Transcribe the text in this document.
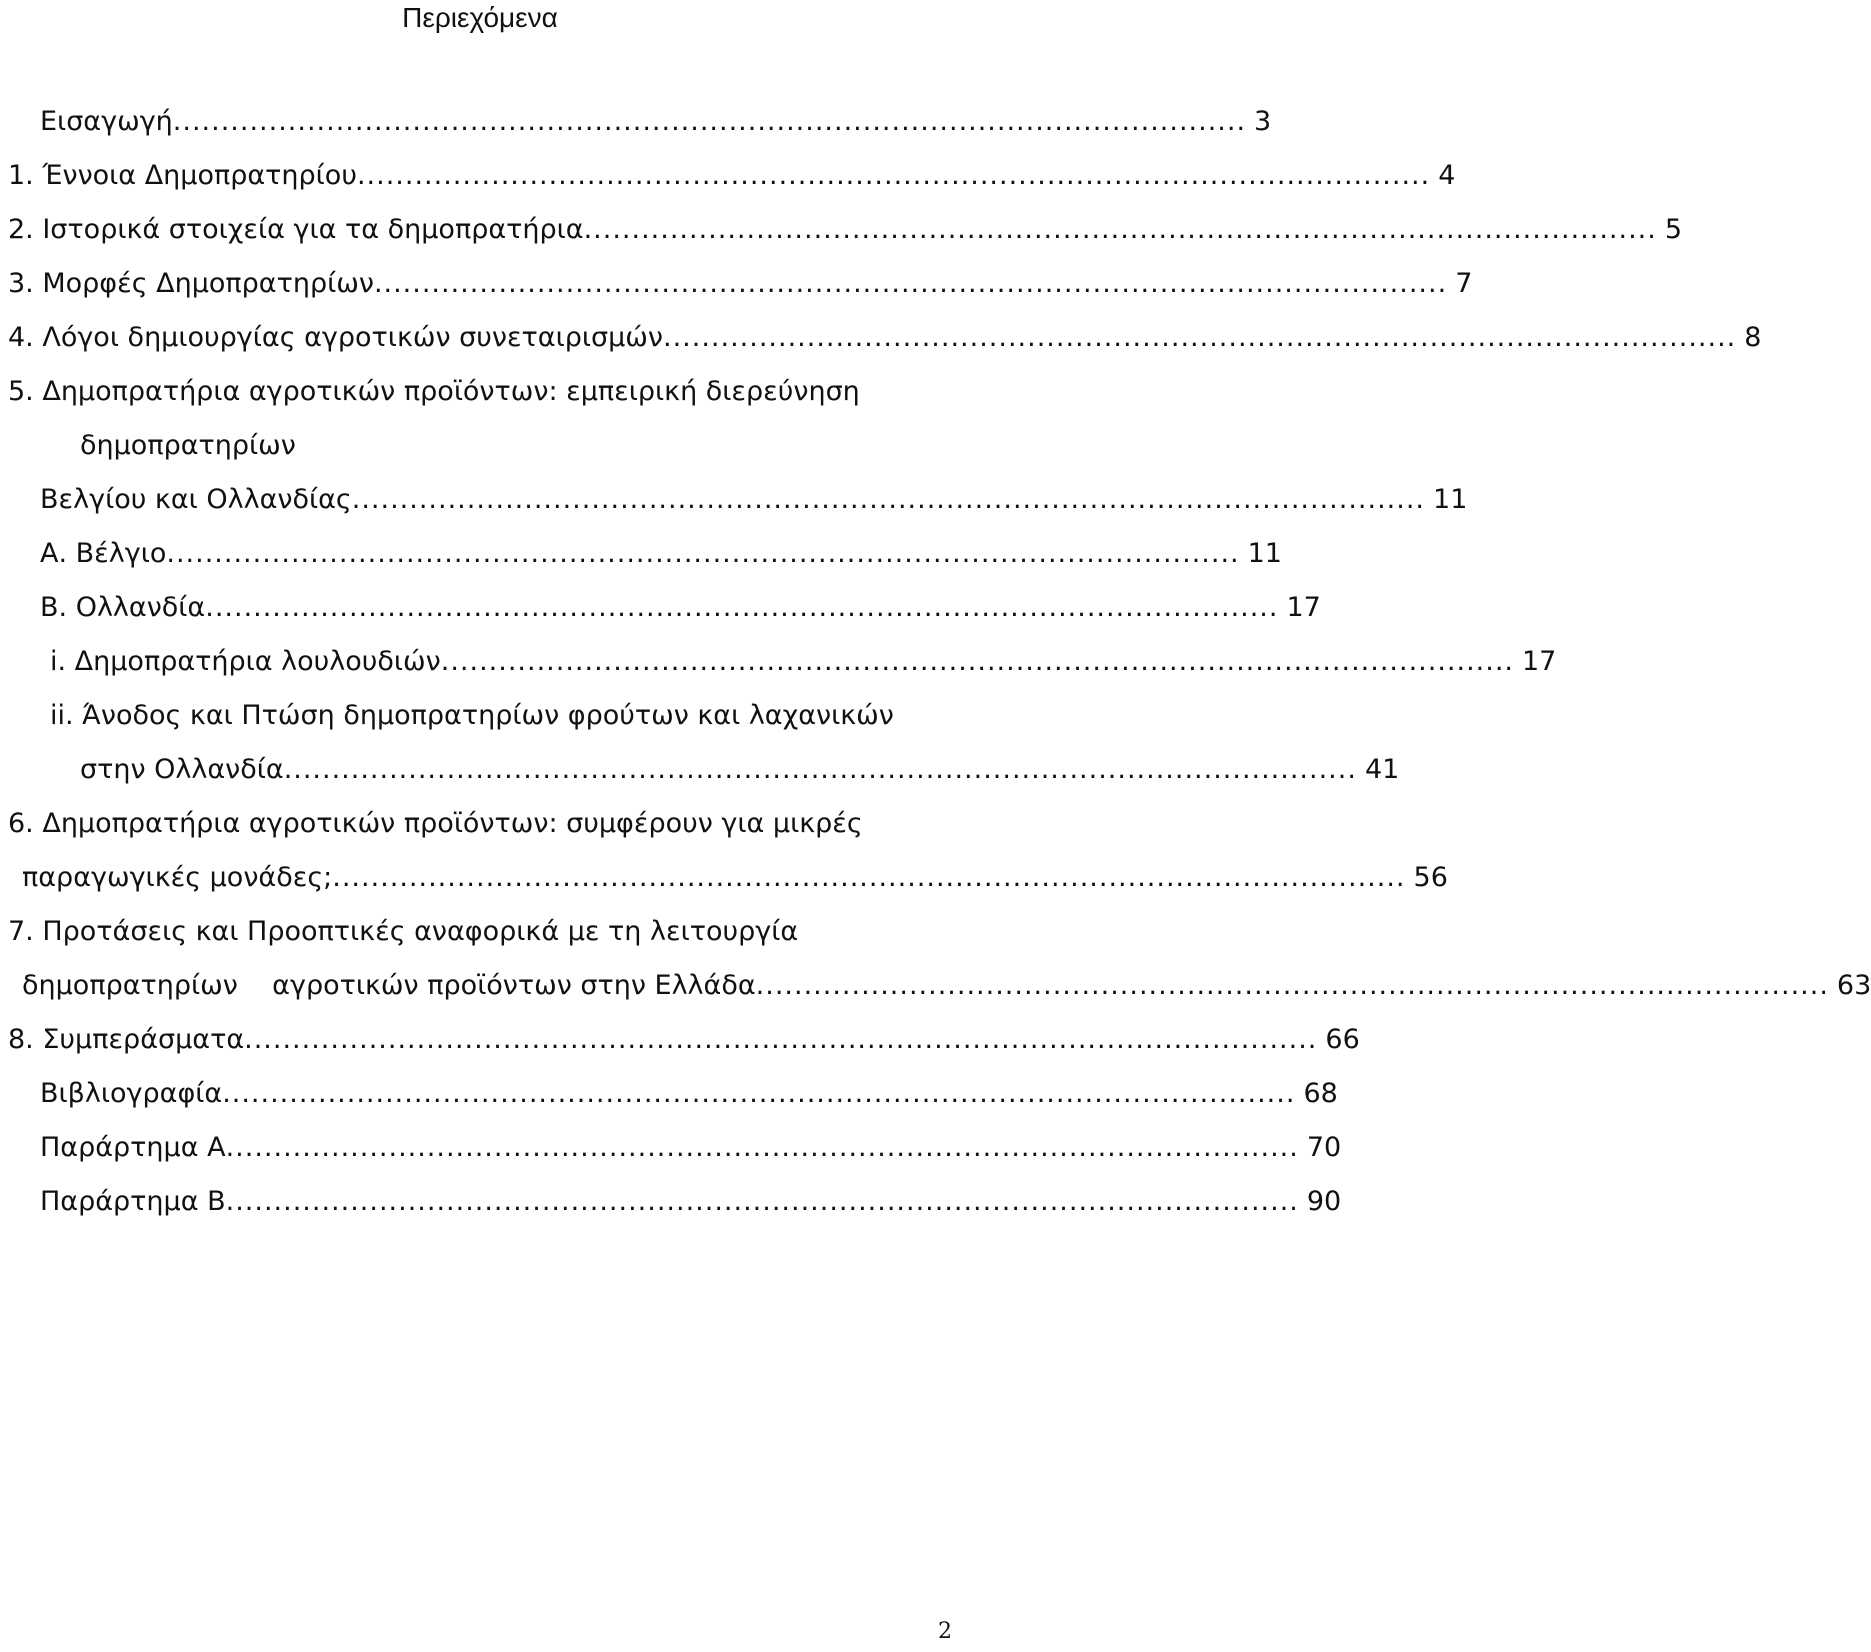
Περιεχόμενα
Εισαγωγή ................................................................................................................ 3
1. Έννοια Δημοπρατηρίου ................................................................................................................ 4
2. Ιστορικά στοιχεία για τα δημοπρατήρια ................................................................................................................ 5
3. Μορφές Δημοπρατηρίων ................................................................................................................ 7
4. Λόγοι δημιουργίας αγροτικών συνεταιρισμών ................................................................................................................ 8
5. Δημοπρατήρια αγροτικών προϊόντων: εμπειρική διερεύνηση
δημοπρατηρίων
Βελγίου και Ολλανδίας ................................................................................................................ 11
Α. Βέλγιο ................................................................................................................ 11
Β. Ολλανδία ................................................................................................................ 17
i. Δημοπρατήρια λουλουδιών ................................................................................................................ 17
ii. Άνοδος και Πτώση δημοπρατηρίων φρούτων και λαχανικών
στην Ολλανδία ................................................................................................................ 41
6. Δημοπρατήρια αγροτικών προϊόντων: συμφέρουν για μικρές
παραγωγικές μονάδες; ................................................................................................................ 56
7. Προτάσεις και Προοπτικές αναφορικά με τη λειτουργία
δημοπρατηρίων    αγροτικών προϊόντων στην Ελλάδα ................................................................................................................ 63
8. Συμπεράσματα ................................................................................................................ 66
Βιβλιογραφία ................................................................................................................ 68
Παράρτημα Α ................................................................................................................ 70
Παράρτημα Β ................................................................................................................ 90
2
